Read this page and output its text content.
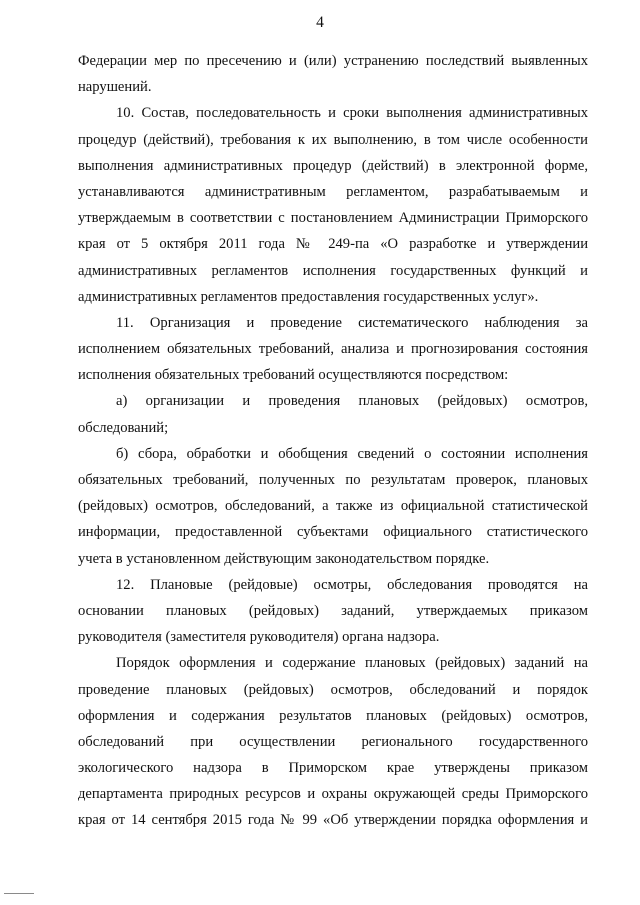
4
Федерации мер по пресечению и (или) устранению последствий выявленных
нарушений.
10. Состав, последовательность и сроки выполнения административных
процедур (действий), требования к их выполнению, в том числе особенности
выполнения административных процедур (действий) в электронной форме,
устанавливаются административным регламентом, разрабатываемым и
утверждаемым в соответствии с постановлением Администрации Приморского
края от 5 октября 2011 года № 249-па «О разработке и утверждении
административных регламентов исполнения государственных функций и
административных регламентов предоставления государственных услуг».
11. Организация и проведение систематического наблюдения за
исполнением обязательных требований, анализа и прогнозирования состояния
исполнения обязательных требований осуществляются посредством:
а) организации и проведения плановых (рейдовых) осмотров,
обследований;
б) сбора, обработки и обобщения сведений о состоянии исполнения
обязательных требований, полученных по результатам проверок, плановых
(рейдовых) осмотров, обследований, а также из официальной статистической
информации, предоставленной субъектами официального статистического
учета в установленном действующим законодательством порядке.
12. Плановые (рейдовые) осмотры, обследования проводятся на
основании плановых (рейдовых) заданий, утверждаемых приказом
руководителя (заместителя руководителя) органа надзора.
Порядок оформления и содержание плановых (рейдовых) заданий на
проведение плановых (рейдовых) осмотров, обследований и порядок
оформления и содержания результатов плановых (рейдовых) осмотров,
обследований при осуществлении регионального государственного
экологического надзора в Приморском крае утверждены приказом
департамента природных ресурсов и охраны окружающей среды Приморского
края от 14 сентября 2015 года № 99 «Об утверждении порядка оформления и
